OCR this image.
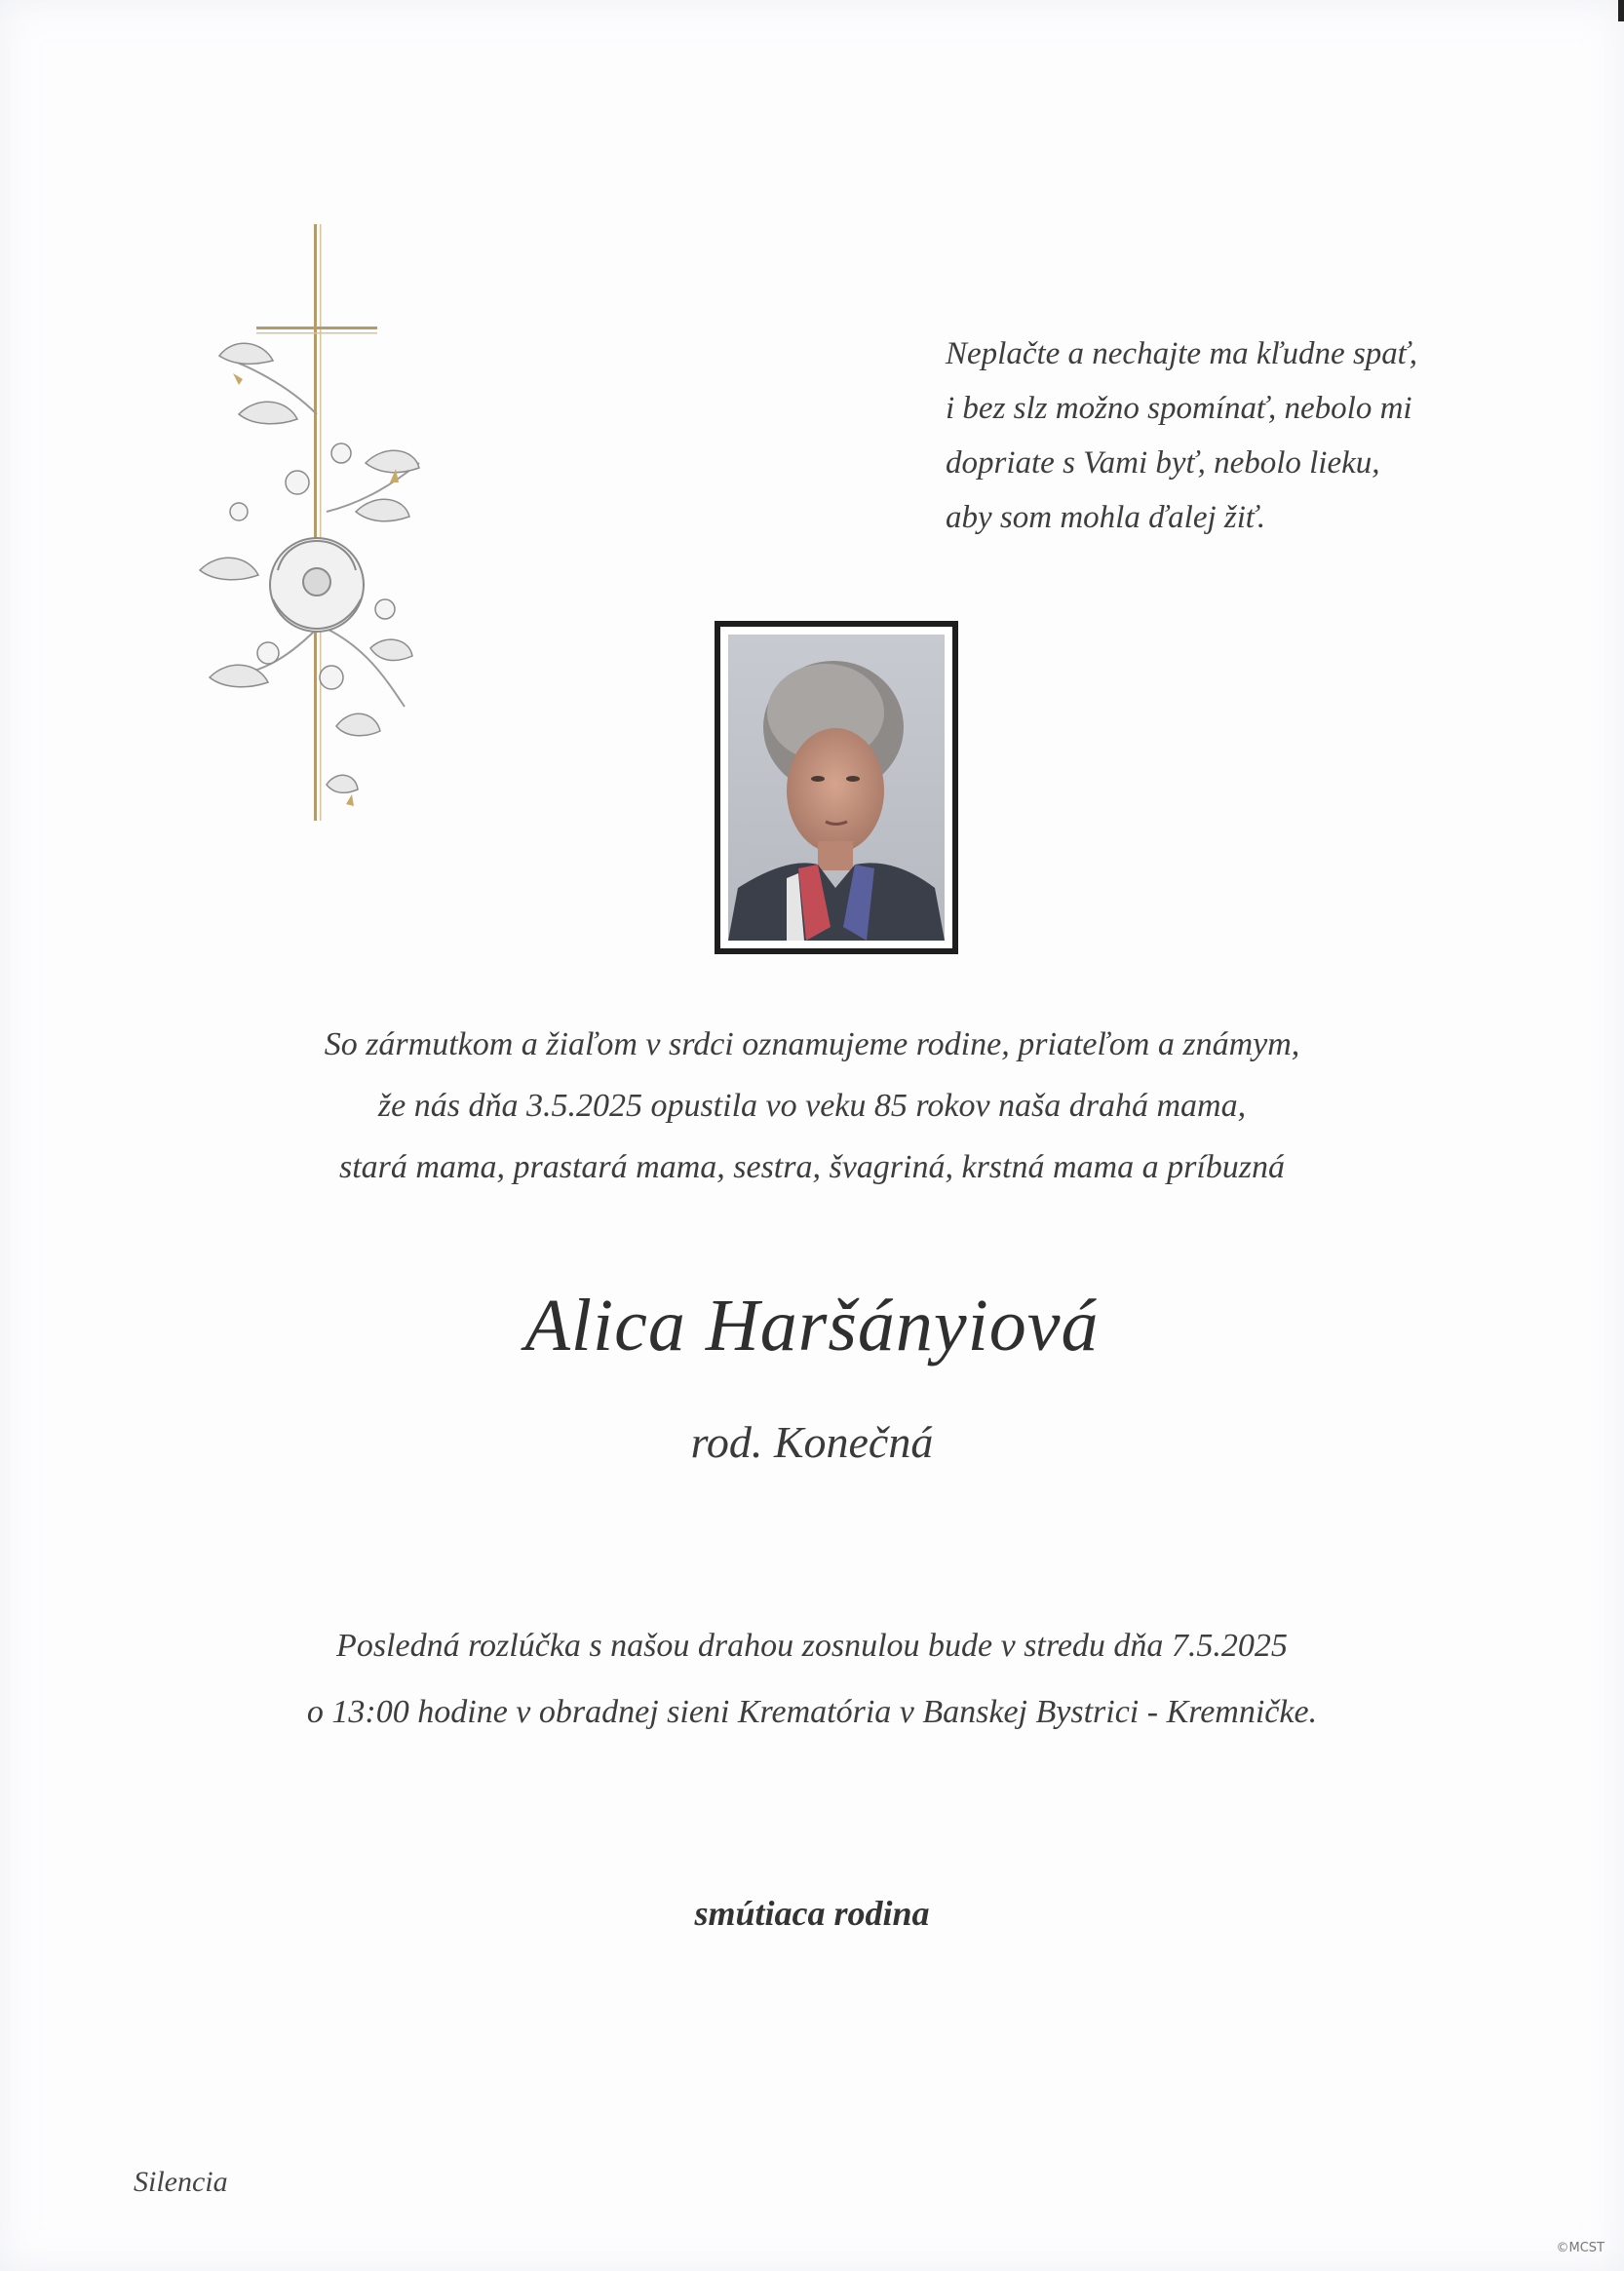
Neplačte a nechajte ma kľudne spať,
i bez slz možno spomínať, nebolo mi
dopriate s Vami byť, nebolo lieku,
aby som mohla ďalej žiť.
So zármutkom a žiaľom v srdci oznamujeme rodine, priateľom a známym,
že nás dňa 3.5.2025 opustila vo veku 85 rokov naša drahá mama,
stará mama, prastará mama, sestra, švagriná, krstná mama a príbuzná
Alica Haršányiová
rod. Konečná
Posledná rozlúčka s našou drahou zosnulou bude v stredu dňa 7.5.2025
o 13:00 hodine v obradnej sieni Krematória v Banskej Bystrici - Kremničke.
smútiaca rodina
Silencia
©MCST
